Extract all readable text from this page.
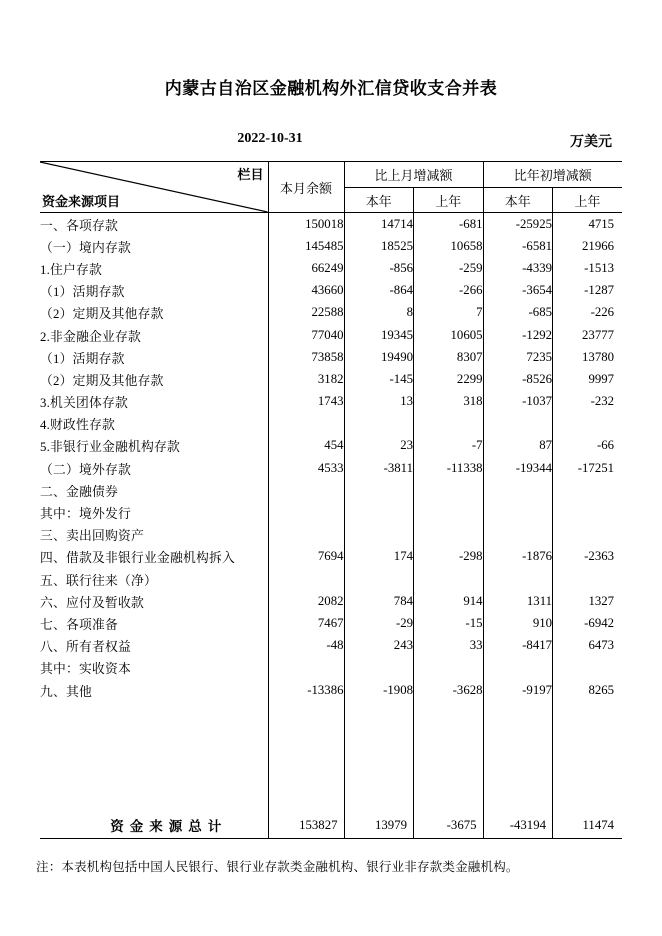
内蒙古自治区金融机构外汇信贷收支合并表
2022-10-31	万美元
栏目
资金来源项目	本月余额	比上月增减额		比年初增减额	
		本年	上年	本年	上年
一、各项存款	150018	14714	-681	-25925	4715
（一）境内存款	145485	18525	10658	-6581	21966
1.住户存款	66249	-856	-259	-4339	-1513
（1）活期存款	43660	-864	-266	-3654	-1287
（2）定期及其他存款	22588	8	7	-685	-226
2.非金融企业存款	77040	19345	10605	-1292	23777
（1）活期存款	73858	19490	8307	7235	13780
（2）定期及其他存款	3182	-145	2299	-8526	9997
3.机关团体存款	1743	13	318	-1037	-232
4.财政性存款					
5.非银行业金融机构存款	454	23	-7	87	-66
（二）境外存款	4533	-3811	-11338	-19344	-17251
二、金融债券					
其中：境外发行					
三、卖出回购资产					
四、借款及非银行业金融机构拆入	7694	174	-298	-1876	-2363
五、联行往来（净）					
六、应付及暂收款	2082	784	914	1311	1327
七、各项准备	7467	-29	-15	910	-6942
八、所有者权益	-48	243	33	-8417	6473
其中：实收资本					
九、其他	-13386	-1908	-3628	-9197	8265

资金来源总计	153827	13979	-3675	-43194	11474
注：本表机构包括中国人民银行、银行业存款类金融机构、银行业非存款类金融机构。
